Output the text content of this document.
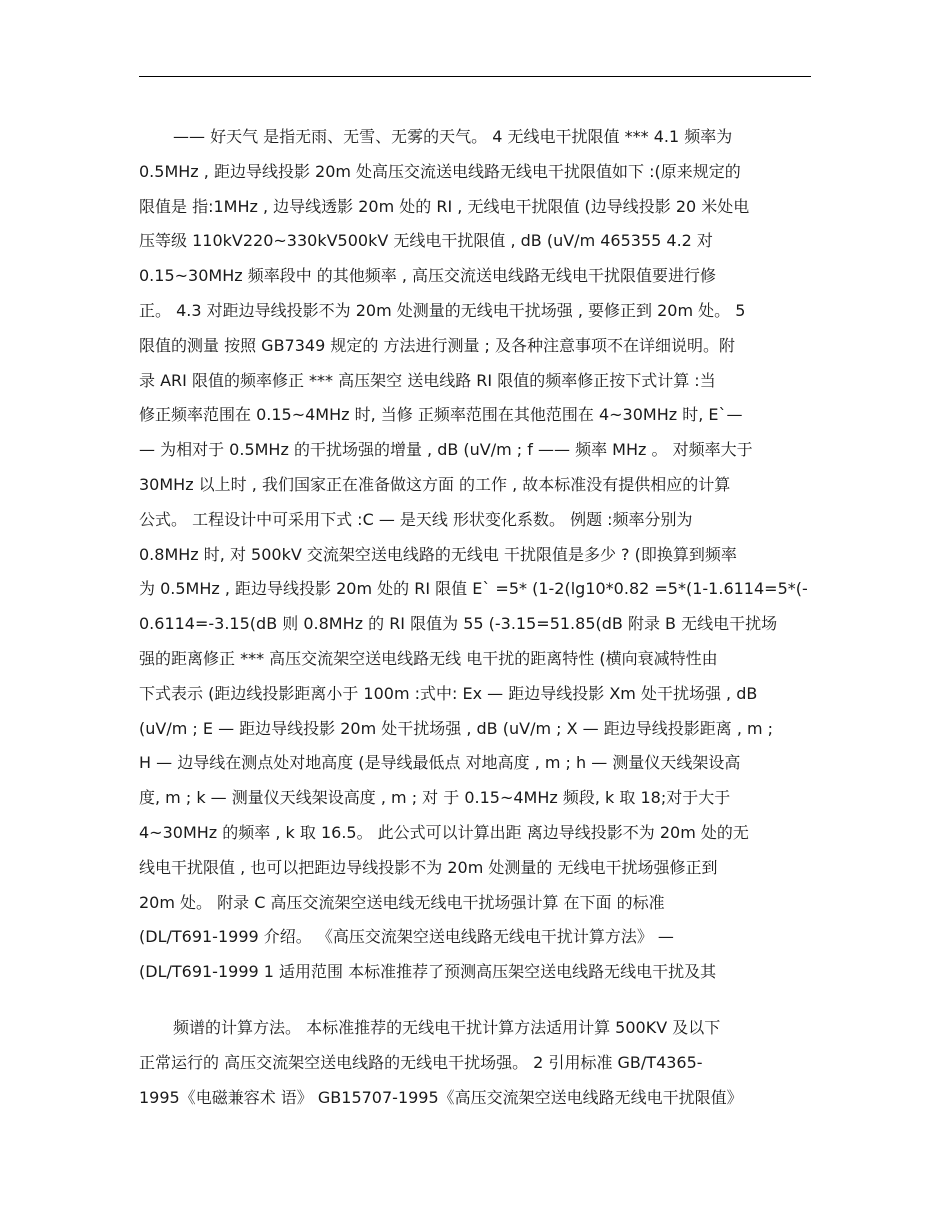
—— 好天气 是指无雨、无雪、无雾的天气。 4 无线电干扰限值 *** 4.1 频率为
0.5MHz , 距边导线投影 20m 处高压交流送电线路无线电干扰限值如下 :(原来规定的
限值是 指:1MHz , 边导线透影 20m 处的 RI , 无线电干扰限值 (边导线投影 20 米处电
压等级 110kV220~330kV500kV 无线电干扰限值 , dB (uV/m 465355 4.2 对
0.15~30MHz 频率段中 的其他频率 , 高压交流送电线路无线电干扰限值要进行修
正。 4.3 对距边导线投影不为 20m 处测量的无线电干扰场强 , 要修正到 20m 处。 5
限值的测量 按照 GB7349 规定的 方法进行测量 ; 及各种注意事项不在详细说明。附
录 ARI 限值的频率修正 *** 高压架空 送电线路 RI 限值的频率修正按下式计算 :当
修正频率范围在 0.15~4MHz 时, 当修 正频率范围在其他范围在 4~30MHz 时, E`—
— 为相对于 0.5MHz 的干扰场强的增量 , dB (uV/m ; f —— 频率 MHz 。 对频率大于
30MHz 以上时 , 我们国家正在准备做这方面 的工作 , 故本标准没有提供相应的计算
公式。 工程设计中可采用下式 :C — 是天线 形状变化系数。 例题 :频率分别为
0.8MHz 时, 对 500kV 交流架空送电线路的无线电 干扰限值是多少 ? (即换算到频率
为 0.5MHz , 距边导线投影 20m 处的 RI 限值 E` =5* (1-2(lg10*0.82 =5*(1-1.6114=5*(-
0.6114=-3.15(dB 则 0.8MHz 的 RI 限值为 55 (-3.15=51.85(dB 附录 B 无线电干扰场
强的距离修正 *** 高压交流架空送电线路无线 电干扰的距离特性 (横向衰减特性由
下式表示 (距边线投影距离小于 100m :式中: Ex — 距边导线投影 Xm 处干扰场强 , dB
(uV/m ; E — 距边导线投影 20m 处干扰场强 , dB (uV/m ; X — 距边导线投影距离 , m ;
H — 边导线在测点处对地高度 (是导线最低点 对地高度 , m ; h — 测量仪天线架设高
度, m ; k — 测量仪天线架设高度 , m ; 对 于 0.15~4MHz 频段, k 取 18;对于大于
4~30MHz 的频率 , k 取 16.5。 此公式可以计算出距 离边导线投影不为 20m 处的无
线电干扰限值 , 也可以把距边导线投影不为 20m 处测量的 无线电干扰场强修正到
20m 处。 附录 C 高压交流架空送电线无线电干扰场强计算 在下面 的标准
(DL/T691-1999 介绍。 《高压交流架空送电线路无线电干扰计算方法》 —
(DL/T691-1999 1 适用范围 本标准推荐了预测高压架空送电线路无线电干扰及其
频谱的计算方法。 本标准推荐的无线电干扰计算方法适用计算 500KV 及以下
正常运行的 高压交流架空送电线路的无线电干扰场强。 2 引用标准 GB/T4365-
1995《电磁兼容术 语》 GB15707-1995《高压交流架空送电线路无线电干扰限值》
